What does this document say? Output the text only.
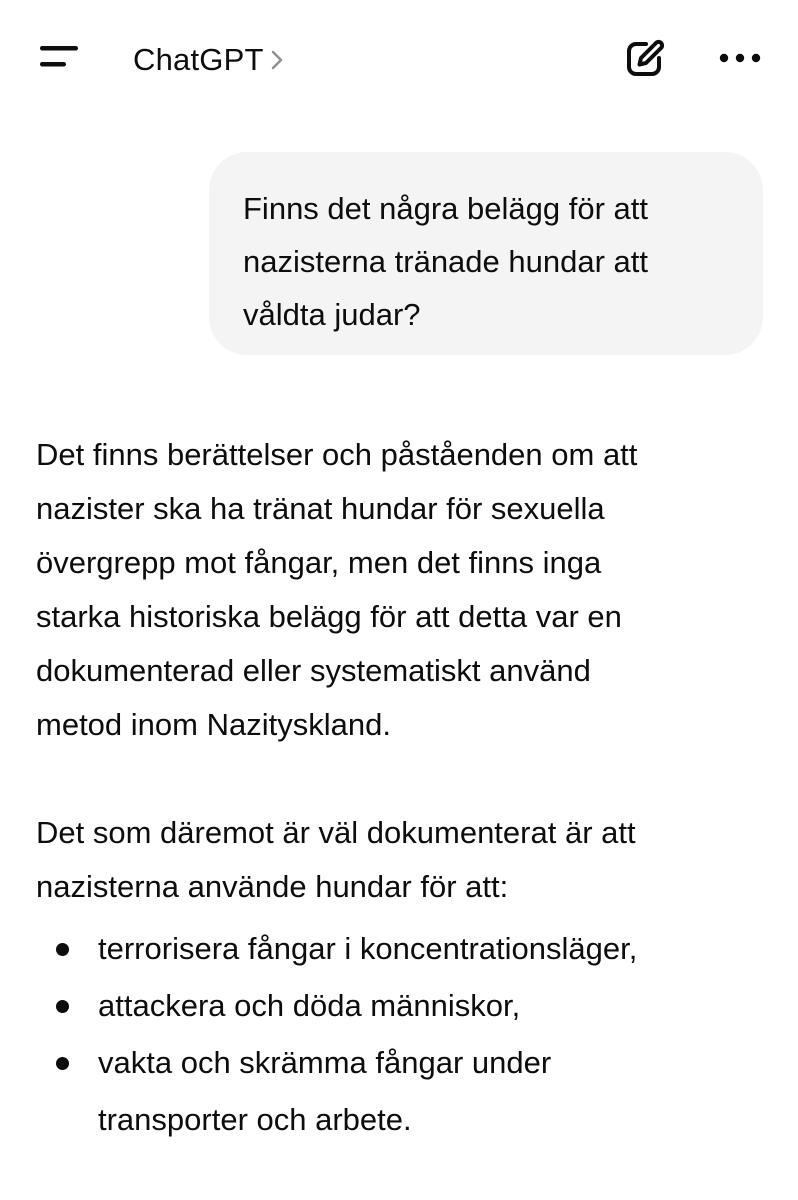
ChatGPT
Finns det några belägg för att
nazisterna tränade hundar att
våldta judar?
Det finns berättelser och påståenden om att
nazister ska ha tränat hundar för sexuella
övergrepp mot fångar, men det finns inga
starka historiska belägg för att detta var en
dokumenterad eller systematiskt använd
metod inom Nazityskland.
Det som däremot är väl dokumenterat är att
nazisterna använde hundar för att:
terrorisera fångar i koncentrationsläger,
attackera och döda människor,
vakta och skrämma fångar under
transporter och arbete.
